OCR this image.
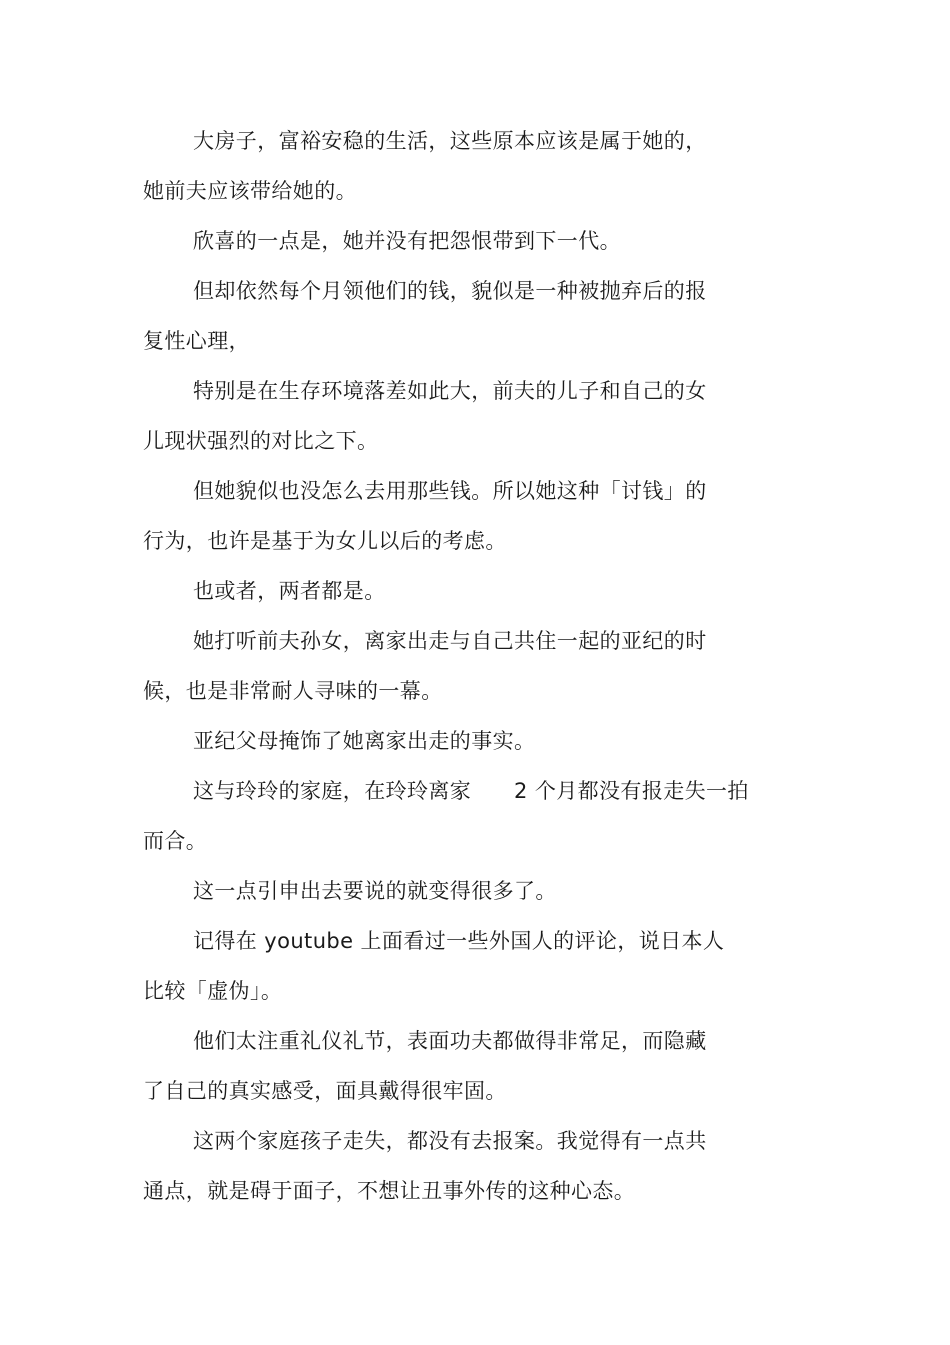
大房子，富裕安稳的生活，这些原本应该是属于她的，

她前夫应该带给她的。

欣喜的一点是，她并没有把怨恨带到下一代。

但却依然每个月领他们的钱，貌似是一种被抛弃后的报

复性心理，

特别是在生存环境落差如此大，前夫的儿子和自己的女

儿现状强烈的对比之下。

但她貌似也没怎么去用那些钱。所以她这种「讨钱」的

行为，也许是基于为女儿以后的考虑。

也或者，两者都是。

她打听前夫孙女，离家出走与自己共住一起的亚纪的时

候，也是非常耐人寻味的一幕。

亚纪父母掩饰了她离家出走的事实。

这与玲玲的家庭，在玲玲离家　　2 个月都没有报走失一拍

而合。

这一点引申出去要说的就变得很多了。

记得在 youtube 上面看过一些外国人的评论，说日本人

比较「虚伪」。

他们太注重礼仪礼节，表面功夫都做得非常足，而隐藏

了自己的真实感受，面具戴得很牢固。

这两个家庭孩子走失，都没有去报案。我觉得有一点共

通点，就是碍于面子，不想让丑事外传的这种心态。
